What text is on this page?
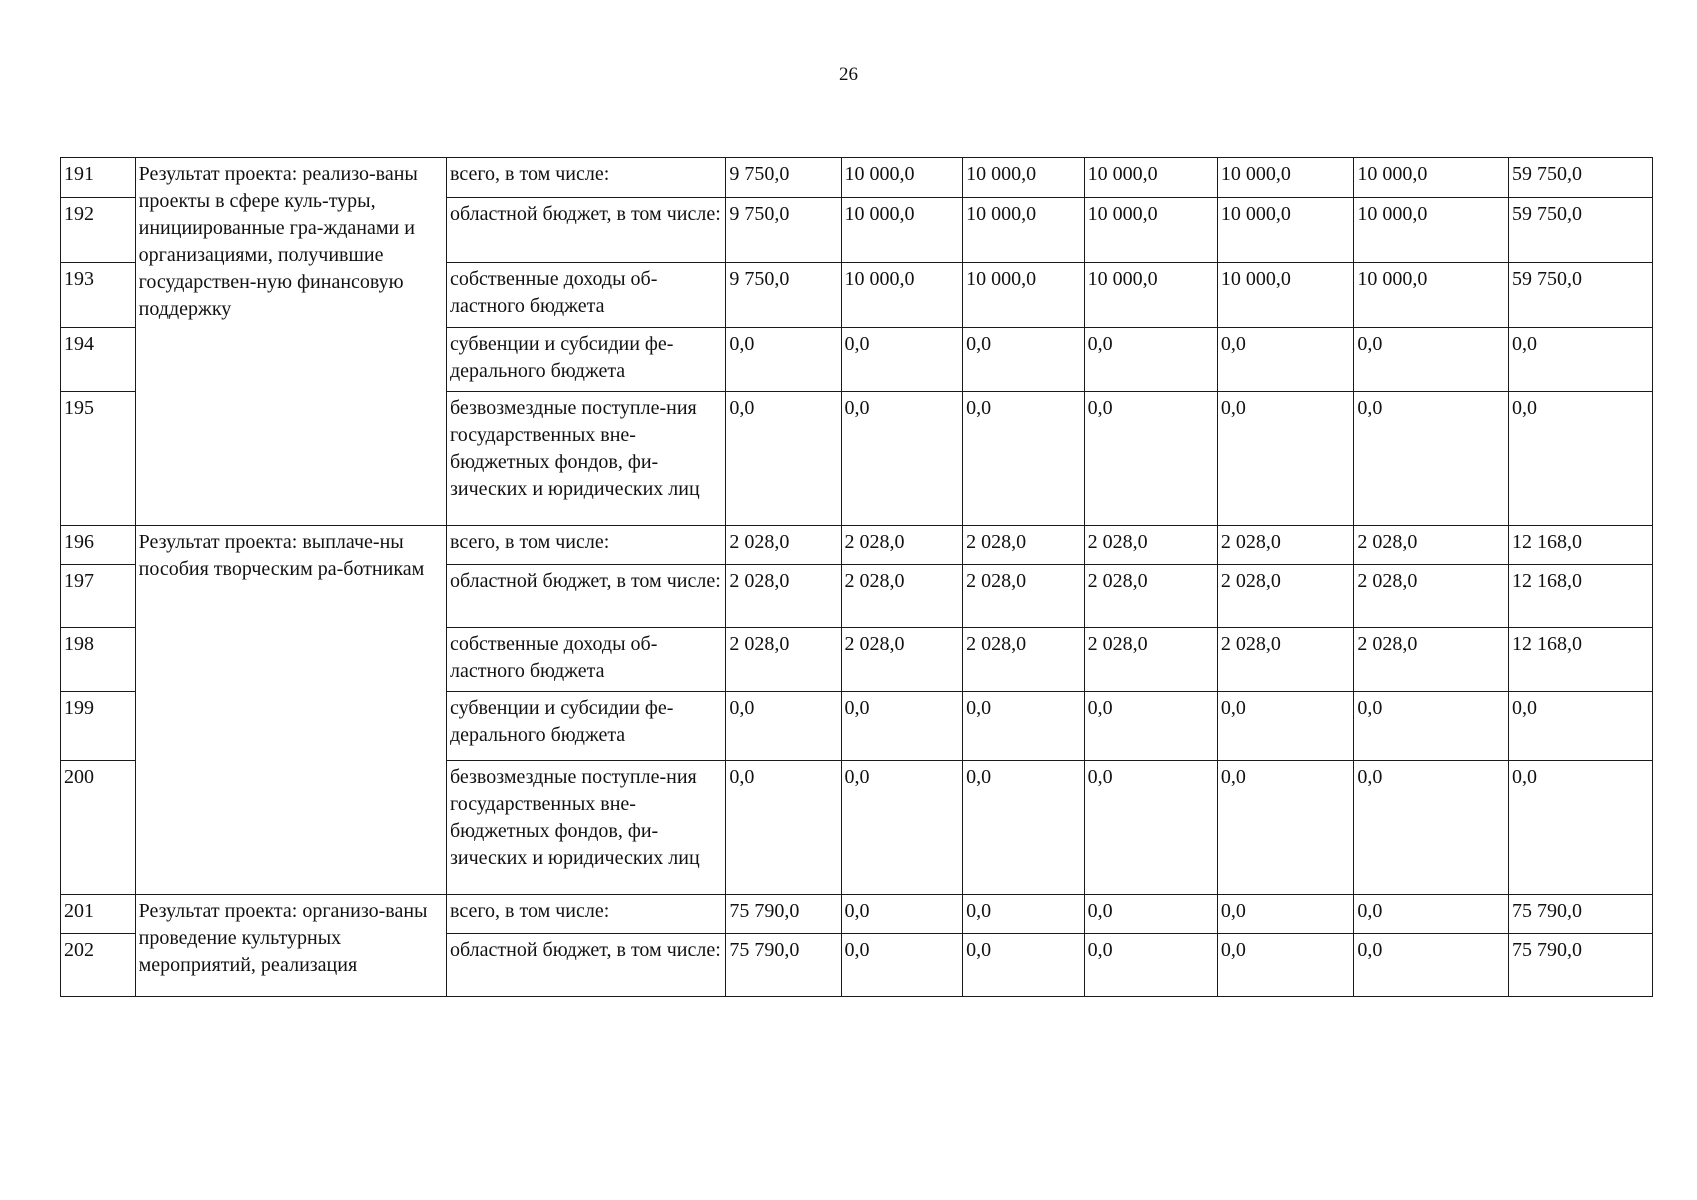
26
191	Результат проекта: реализо-ваны проекты в сфере куль-туры, инициированные гра-жданами и организациями, получившие государствен-ную финансовую поддержку	всего, в том числе:	9 750,0	10 000,0	10 000,0	10 000,0	10 000,0	10 000,0	59 750,0
192		областной бюджет, в том числе:	9 750,0	10 000,0	10 000,0	10 000,0	10 000,0	10 000,0	59 750,0
193		собственные доходы об-ластного бюджета	9 750,0	10 000,0	10 000,0	10 000,0	10 000,0	10 000,0	59 750,0
194		субвенции и субсидии фе-дерального бюджета	0,0	0,0	0,0	0,0	0,0	0,0	0,0
195		безвозмездные поступле-ния государственных вне-бюджетных фондов, фи-зических и юридических лиц	0,0	0,0	0,0	0,0	0,0	0,0	0,0
196	Результат проекта: выплаче-ны пособия творческим ра-ботникам	всего, в том числе:	2 028,0	2 028,0	2 028,0	2 028,0	2 028,0	2 028,0	12 168,0
197		областной бюджет, в том числе:	2 028,0	2 028,0	2 028,0	2 028,0	2 028,0	2 028,0	12 168,0
198		собственные доходы об-ластного бюджета	2 028,0	2 028,0	2 028,0	2 028,0	2 028,0	2 028,0	12 168,0
199		субвенции и субсидии фе-дерального бюджета	0,0	0,0	0,0	0,0	0,0	0,0	0,0
200		безвозмездные поступле-ния государственных вне-бюджетных фондов, фи-зических и юридических лиц	0,0	0,0	0,0	0,0	0,0	0,0	0,0
201	Результат проекта: организо-ваны проведение культурных мероприятий, реализация	всего, в том числе:	75 790,0	0,0	0,0	0,0	0,0	0,0	75 790,0
202		областной бюджет, в том числе:	75 790,0	0,0	0,0	0,0	0,0	0,0	75 790,0
